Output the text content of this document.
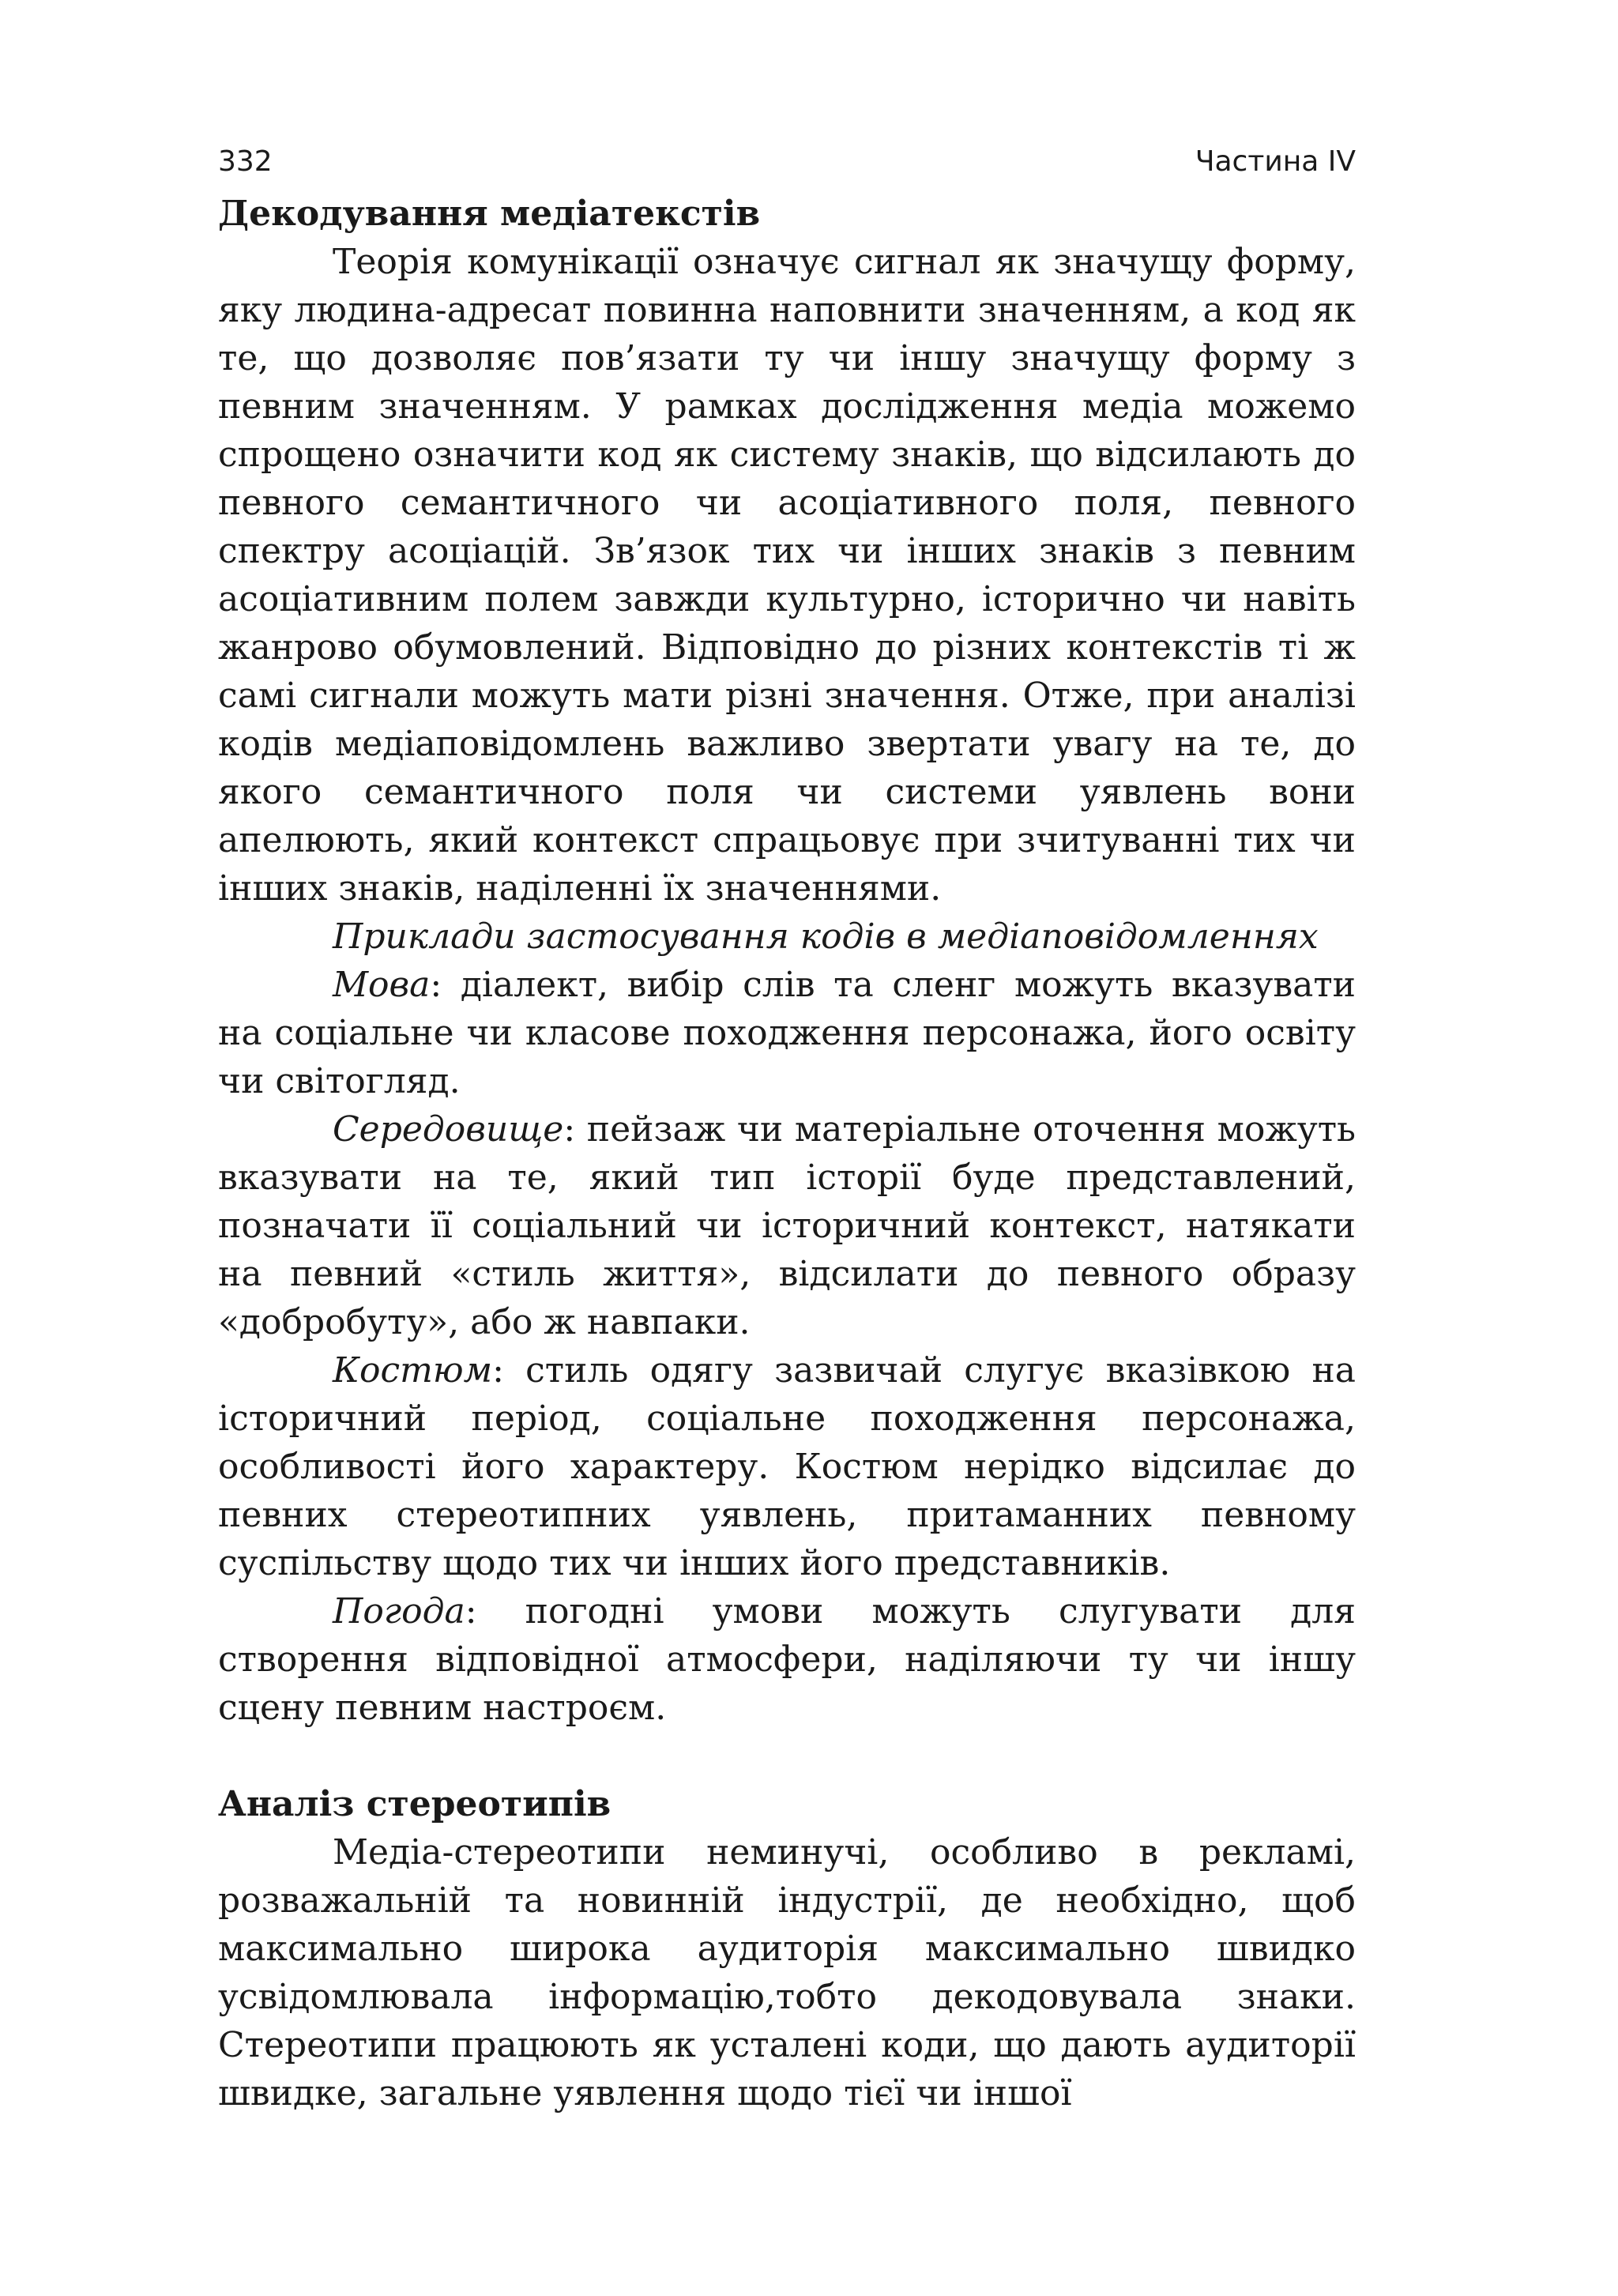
332	Частина IV
Декодування медіатекстів

Теорія комунікації означує сигнал як значущу форму, яку людина-адресат повинна наповнити значенням, а код як те, що дозволяє пов’язати ту чи іншу значущу форму з певним значенням. У рамках дослідження медіа можемо спрощено означити код як систему знаків, що відсилають до певного семантичного чи асоціативного поля, певного спектру асоціацій. Зв’язок тих чи інших знаків з певним асоціативним полем завжди культурно, історично чи навіть жанрово обумовлений. Відповідно до різних контекстів ті ж самі сигнали можуть мати різні значення. Отже, при аналізі кодів медіаповідомлень важливо звертати увагу на те, до якого семантичного поля чи системи уявлень вони апелюють, який контекст спрацьовує при зчитуванні тих чи інших знаків, наділенні їх значеннями.

Приклади застосування кодів в медіаповідомленнях

Мова: діалект, вибір слів та сленг можуть вказувати на соціальне чи класове походження персонажа, його освіту чи світогляд.

Середовище: пейзаж чи матеріальне оточення можуть вказувати на те, який тип історії буде представлений, позначати її соціальний чи історичний контекст, натякати на певний «стиль життя», відсилати до певного образу «добробуту», або ж навпаки.

Костюм: стиль одягу зазвичай слугує вказівкою на історичний період, соціальне походження персонажа, особливості його характеру. Костюм нерідко відсилає до певних стереотипних уявлень, притаманних певному суспільству щодо тих чи інших його представників.

Погода: погодні умови можуть слугувати для створення відповідної атмосфери, наділяючи ту чи іншу сцену певним настроєм.

Аналіз стереотипів

Медіа-стереотипи неминучі, особливо в рекламі, розважальній та новинній індустрії, де необхідно, щоб максимально широка аудиторія максимально швидко усвідомлювала інформацію,тобто декодовувала знаки. Стереотипи працюють як усталені коди, що дають аудиторії швидке, загальне уявлення щодо тієї чи іншої
